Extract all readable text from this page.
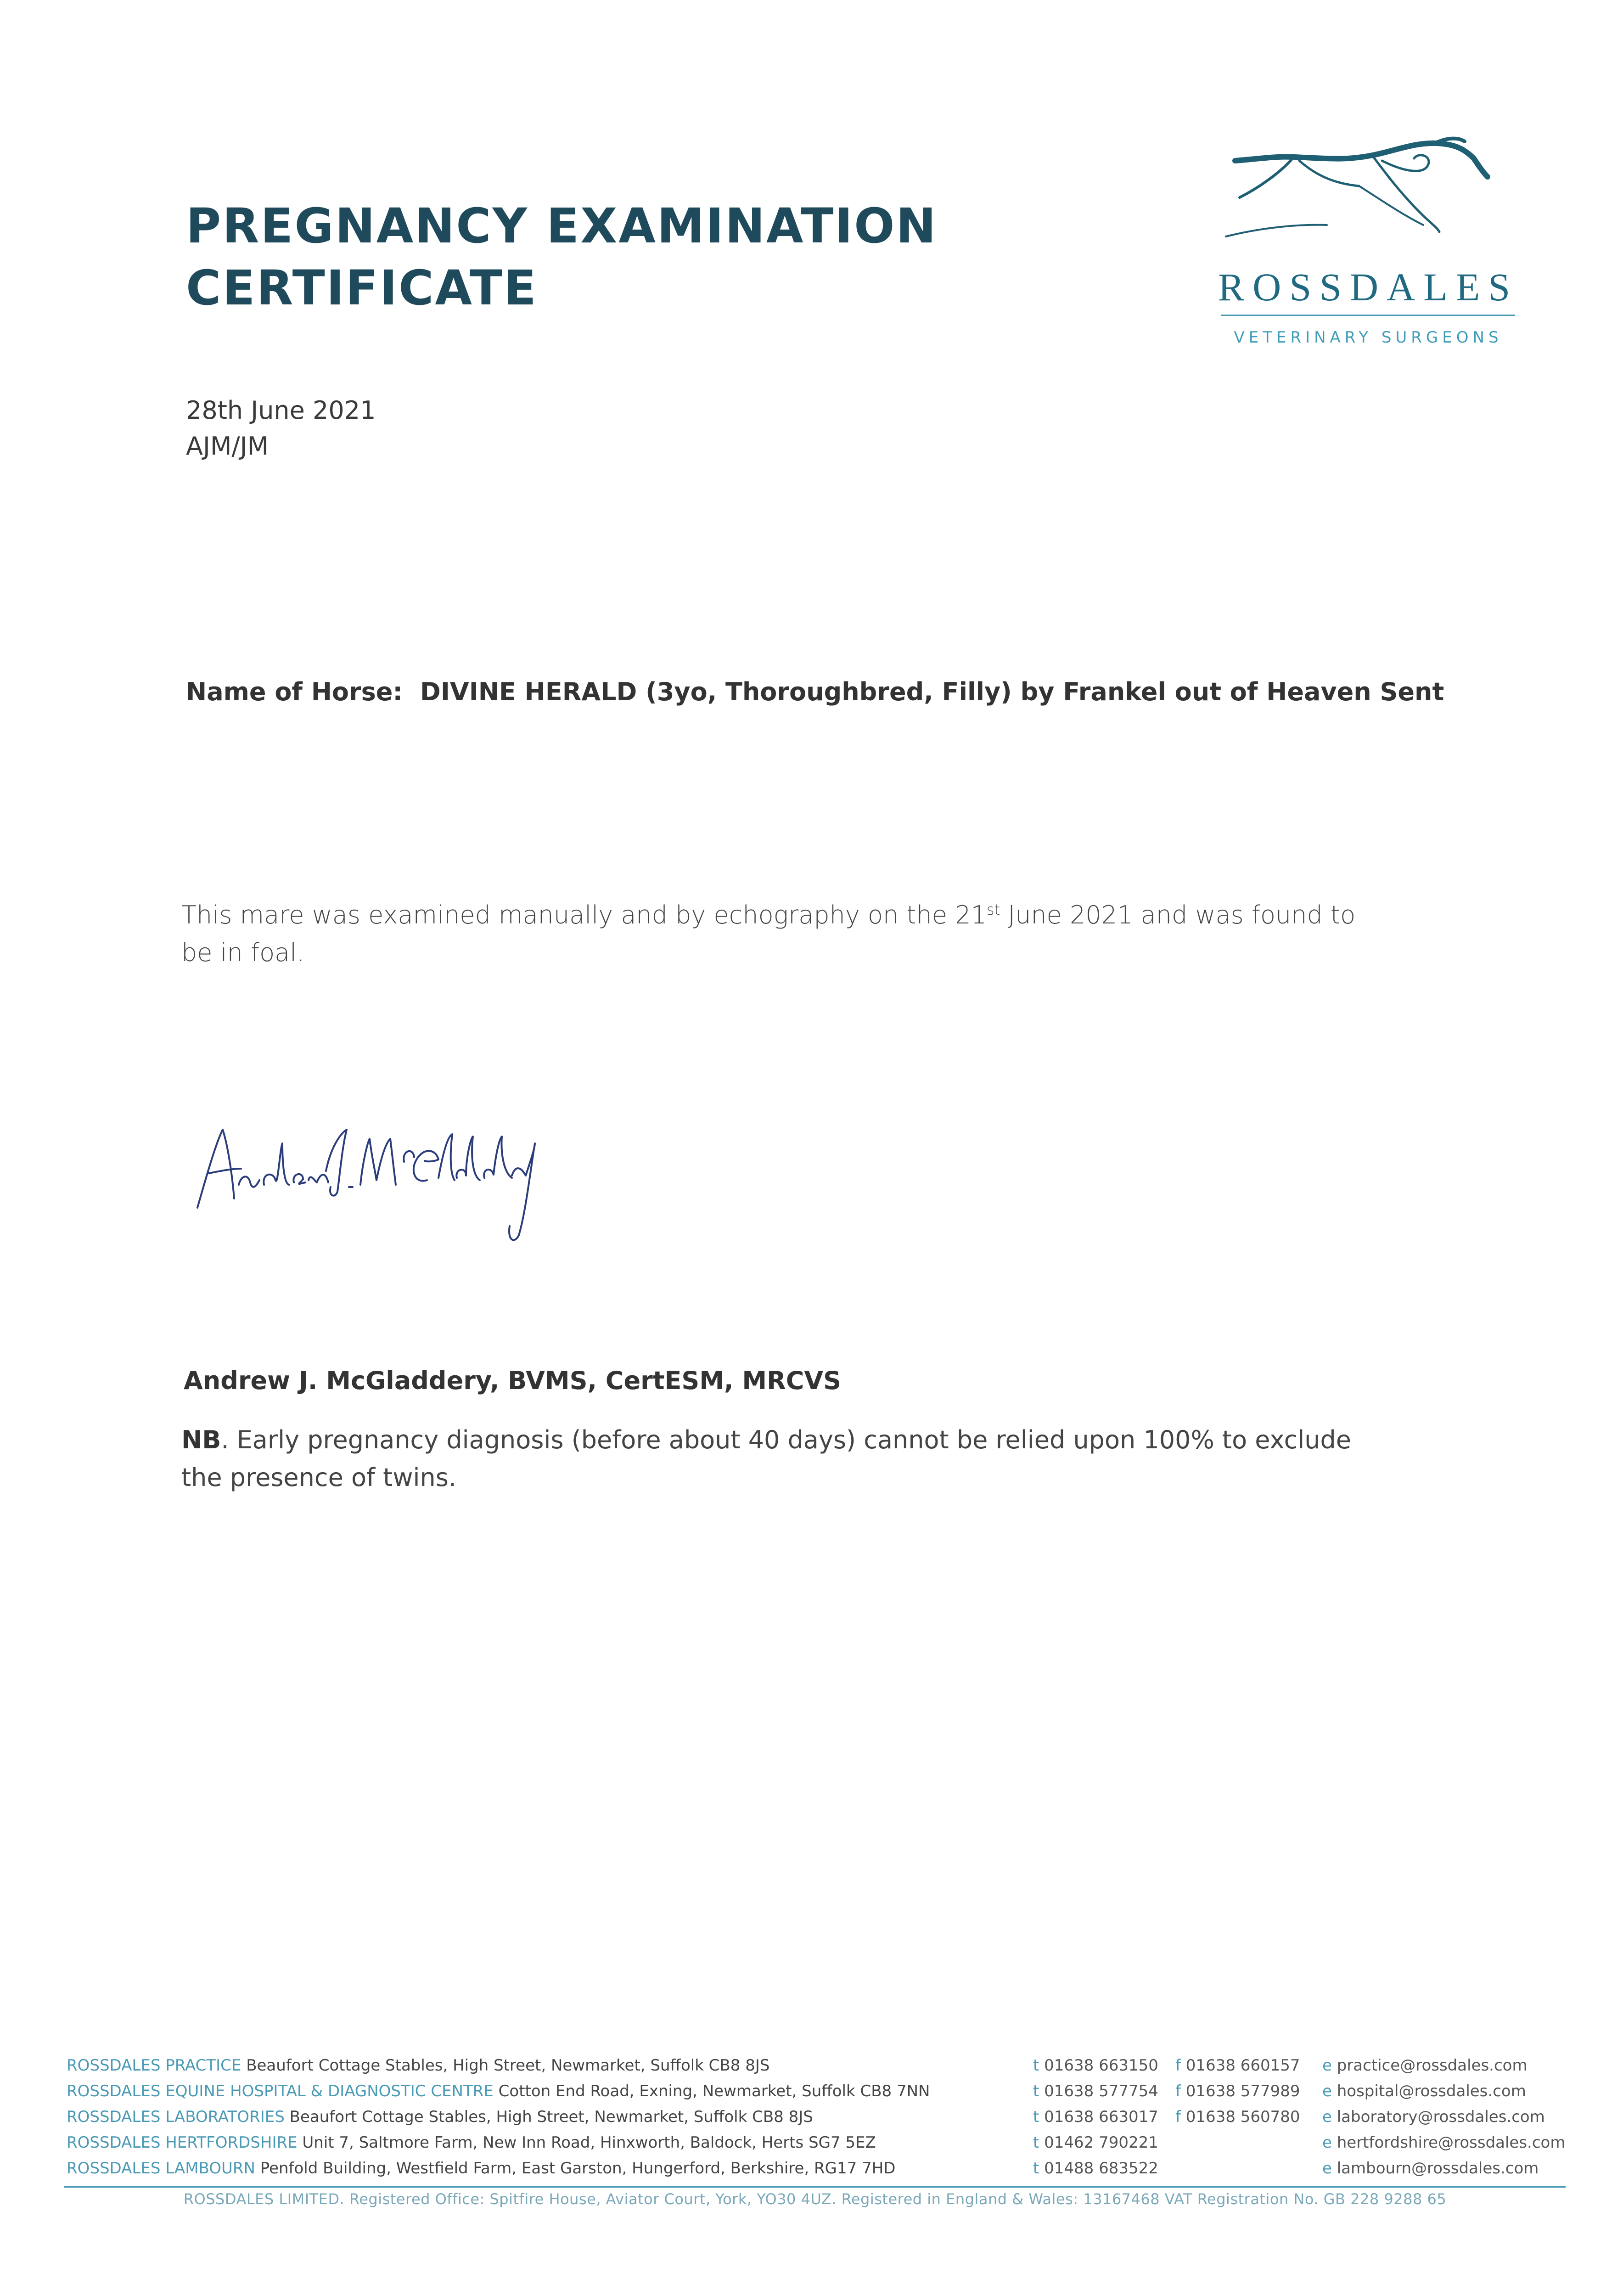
PREGNANCY EXAMINATION
CERTIFICATE	ROSSDALES
VETERINARY SURGEONS
28th June 2021
AJM/JM
Name of Horse: DIVINE HERALD (3yo, Thoroughbred, Filly) by Frankel out of Heaven Sent
This mare was examined manually and by echography on the 21st June 2021 and was found to be in foal.
Andrew J. McGladdery, BVMS, CertESM, MRCVS
NB. Early pregnancy diagnosis (before about 40 days) cannot be relied upon 100% to exclude the presence of twins.
ROSSDALES PRACTICE Beaufort Cottage Stables, High Street, Newmarket, Suffolk CB8 8JS
ROSSDALES EQUINE HOSPITAL & DIAGNOSTIC CENTRE Cotton End Road, Exning, Newmarket, Suffolk CB8 7NN
ROSSDALES LABORATORIES Beaufort Cottage Stables, High Street, Newmarket, Suffolk CB8 8JS
ROSSDALES HERTFORDSHIRE Unit 7, Saltmore Farm, New Inn Road, Hinxworth, Baldock, Herts SG7 5EZ
ROSSDALES LAMBOURN Penfold Building, Westfield Farm, East Garston, Hungerford, Berkshire, RG17 7HD
t 01638 663150
t 01638 577754
t 01638 663017
t 01462 790221
t 01488 683522
f 01638 660157
f 01638 577989
f 01638 560780
e practice@rossdales.com
e hospital@rossdales.com
e laboratory@rossdales.com
e hertfordshire@rossdales.com
e lambourn@rossdales.com
ROSSDALES LIMITED. Registered Office: Spitfire House, Aviator Court, York, YO30 4UZ. Registered in England & Wales: 13167468 VAT Registration No. GB 228 9288 65
